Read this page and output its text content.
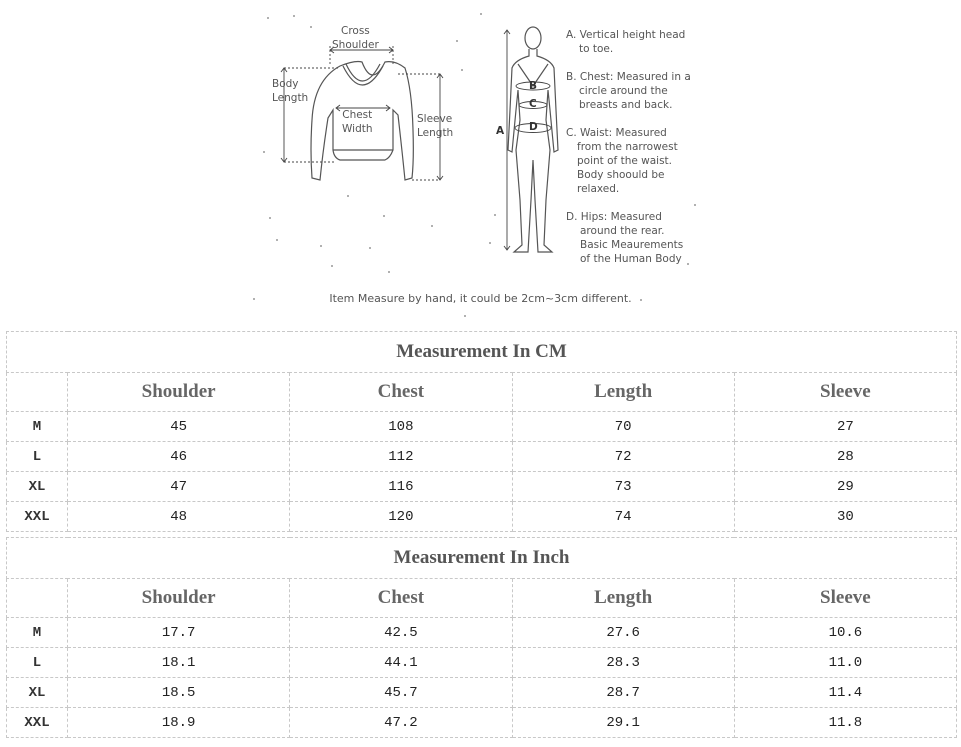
Cross
Shoulder
Body
Length
Chest
Width
Sleeve
Length	A
B
C
D
A. Vertical height head
to toe.
B. Chest: Measured in a
circle around the
breasts and back.
C. Waist: Measured
from the narrowest
point of the waist.
Body shoould be
relaxed.
D. Hips: Measured
around the rear.
Basic Meaurements
of the Human Body
Item Measure by hand, it could be 2cm~3cm different.
Measurement In CM				
	Shoulder	Chest	Length	Sleeve
M	45	108	70	27
L	46	112	72	28
XL	47	116	73	29
XXL	48	120	74	30
Measurement In Inch				
	Shoulder	Chest	Length	Sleeve
M	17.7	42.5	27.6	10.6
L	18.1	44.1	28.3	11.0
XL	18.5	45.7	28.7	11.4
XXL	18.9	47.2	29.1	11.8
